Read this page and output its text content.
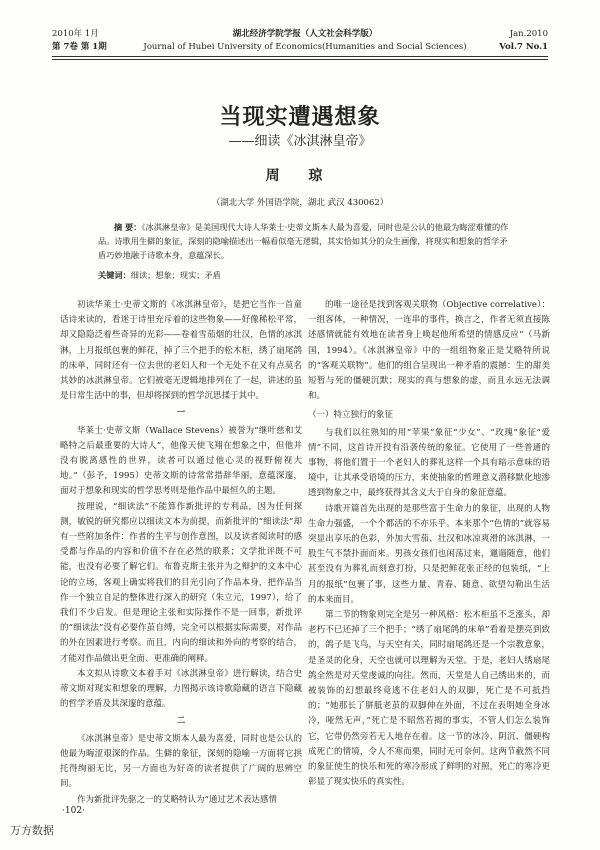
2010年 1月
第 7卷 第 1期
湖北经济学院学报（人文社会科学版）
Journal of Hubei University of Economics(Humanities and Social Sciences)
Jan.2010
Vol.7 No.1
当现实遭遇想象
——细读《冰淇淋皇帝》
周 琼
（湖北大学 外国语学院，湖北 武汉 430062）
摘 要：《冰淇淋皇帝》是美国现代大诗人华莱士·史蒂文斯本人最为喜爱，同时也是公认的他最为晦涩难懂的作品。诗歌用生僻的象征，深刻的隐喻描述出一幅看似毫无逻辑，其实恰如其分的众生画像，将现实和想象的哲学矛盾巧妙地融于诗歌本身，意蕴深长。
关键词：细读；想象；现实；矛盾

初读华莱士·史蒂文斯的《冰淇淋皇帝》，是把它当作一首童话诗来读的，看迷于诗里充斥着的这些物象——好像稀松平常，却又隐隐泛着些奇异的光彩——卷着雪茄烟的壮汉，色情的冰淇淋，上月报纸包裹的鲜花，掉了三个把手的松木柜，绣了扇尾鸽的床单，同时还有一位去世的老妇人和一个无处不在又有点莫名其妙的冰淇淋皇帝。它们被毫无逻辑地排列在了一起，讲述的虽是日常生活中的事，但却将探到的哲学沉思揉于其中。

一

华莱士·史蒂文斯（Wallace Stevens）被誉为“继叶慈和艾略特之后最重要的大诗人”，他像天使飞翔在想象之中，但他并没有脱离感性的世界，读者可以通过他心灵的视野俯视大地。”（彭予，1995）史蒂文斯的诗常常措辞华丽，意蕴深邃，面对于想象和现实的哲学思考则是他作品中最恒久的主题。

按理说，“细读法”不能算作新批评的专利品，因为任何探测，敏锐的研究都应以细读文本为前提，而新批评的“细读法”却有一些附加条件：作者的生平与创作意图，以及读者阅读时的感受都与作品的内容和价值不存在必然的联系；文学批评既不可能，也没有必要了解它们。布鲁克斯主张并为之辩护的文本中心论的立场，客观上确实将我们的目光引向了作品本身，把作品当作一个独立自足的整体进行深入的研究（朱立元，1997），给了我们不少启发。但是理论主张和实际操作不是一回事，新批评的“细读法”没有必要作茧自缚，完全可以根据实际需要，对作品的外在因素进行考察。而且，内向的细读和外向的考察的结合，才能对作品做出更全面、更准确的阐释。

本文拟从诗歌文本着手对《冰淇淋皇帝》进行解读，结合史蒂文斯对现实和想象的理解，力图揭示该诗歌隐藏的语言下隐藏的哲学矛盾及其深邃的意蕴。

二

《冰淇淋皇帝》是史蒂文斯本人最为喜爱，同时也是公认的他最为晦涩艰深的作品。生僻的象征，深刻的隐喻一方面将它拱托得绚丽无比，另一方面也为好奇的读者提供了广阔的思辨空间。

作为新批评先驱之一的艾略特认为“通过艺术表达感情

的唯一途径是找到客观关联物（Objective correlative）：一组客体，一种情况，一连串的事件，换言之，作者无须直接陈述感情就能有效地在读者身上唤起他所希望的情感反应”（马新国，1994）。《冰淇淋皇帝》中的一组组物象正是艾略特所说的“客观关联物”。他们的组合呈现出一种矛盾的震撼：生的甜美短暂与死的僵硬沉默；现实的真与想象的虚，而且永远无法调和。

（一）特立独行的象征

与我们以往熟知的用“苹果”象征“少女”、“玫瑰”象征“爱情”不同，这首诗开投有沿袭传统的象征。它使用了一些普通的事物，将他们置于一个老妇人的葬礼这样一个具有暗示意味的语境中，让其承受语境的压力，来使抽象的哲理意义潜移默化地渗透到物象之中，最终获得其含义大于自身的象征意蕴。

诗歌开篇首先出现的是那些富于生命力的象征，出现的人物生命力强盛，一个个都活的不亦乐乎。本来那个“色情的”就容易突显出享乐的色彩，外加大雪茄、壮汉和冰凉爽滑的冰淇淋，一股生气不禁扑面而来。男孩女孩们也闲荡过来，邋遢随意，他们甚至没有为葬礼而刻意打扮，只是把鲜花张正经的包装纸，“上月的报纸”包裹了事，这些力量、青春、随意、欲望勾勒出生活的本来面目。

第二节的物象则完全是另一种风格：松木柜虽不乏涨头，却老朽不已还掉了三个把手；“绣了扇尾鸽的床单”看着是摆亮到致的，鸽子是飞鸟，与天空有关，同时扇尾鸽还是一个宗教意象，是圣灵的化身，天空也就可以理解为天堂。于是，老妇人绣扇尾鸽全然是对天堂虔诚的向往。然而，天堂是人自己绣出来的，而被装饰的幻想最终竟逃不住老妇人的双脚，死亡是不可抵挡的；“她那长了胼胝老茧的双脚伸在外面，不过在表明她全身冰冷，哑然无声，”死亡是不昭然若揭的事实，不管人们怎么装饰它，它带仍然旁若无人地存在着。这一节的冰冷、阴沉、僵硬构成死亡的情境，令人不寒而栗，同时无可奈何。这两节截然不同的象征使生的快乐和死的寒冷形成了鲜明的对照，死亡的寒冷更彰显了现实快乐的真实性。

·102·
万方数据
